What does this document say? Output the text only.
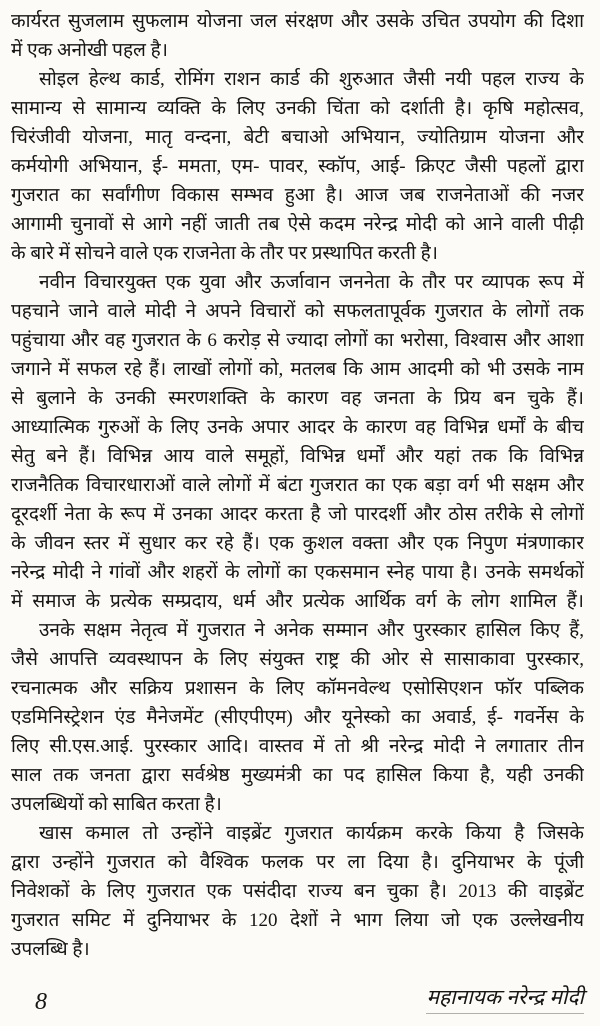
कार्यरत सुजलाम सुफलाम योजना जल संरक्षण और उसके उचित उपयोग की दिशा
में एक अनोखी पहल है।
सोइल हेल्थ कार्ड, रोमिंग राशन कार्ड की शुरुआत जैसी नयी पहल राज्य के
सामान्य से सामान्य व्यक्ति के लिए उनकी चिंता को दर्शाती है। कृषि महोत्सव,
चिरंजीवी योजना, मातृ वन्दना, बेटी बचाओ अभियान, ज्योतिग्राम योजना और
कर्मयोगी अभियान, ई- ममता, एम- पावर, स्कॉप, आई- क्रिएट जैसी पहलों द्वारा
गुजरात का सर्वांगीण विकास सम्भव हुआ है। आज जब राजनेताओं की नजर
आगामी चुनावों से आगे नहीं जाती तब ऐसे कदम नरेन्द्र मोदी को आने वाली पीढ़ी
के बारे में सोचने वाले एक राजनेता के तौर पर प्रस्थापित करती है।
नवीन विचारयुक्त एक युवा और ऊर्जावान जननेता के तौर पर व्यापक रूप में
पहचाने जाने वाले मोदी ने अपने विचारों को सफलतापूर्वक गुजरात के लोगों तक
पहुंचाया और वह गुजरात के 6 करोड़ से ज्यादा लोगों का भरोसा, विश्वास और आशा
जगाने में सफल रहे हैं। लाखों लोगों को, मतलब कि आम आदमी को भी उसके नाम
से बुलाने के उनकी स्मरणशक्ति के कारण वह जनता के प्रिय बन चुके हैं।
आध्यात्मिक गुरुओं के लिए उनके अपार आदर के कारण वह विभिन्न धर्मों के बीच
सेतु बने हैं। विभिन्न आय वाले समूहों, विभिन्न धर्मों और यहां तक कि विभिन्न
राजनैतिक विचारधाराओं वाले लोगों में बंटा गुजरात का एक बड़ा वर्ग भी सक्षम और
दूरदर्शी नेता के रूप में उनका आदर करता है जो पारदर्शी और ठोस तरीके से लोगों
के जीवन स्तर में सुधार कर रहे हैं। एक कुशल वक्ता और एक निपुण मंत्रणाकार
नरेन्द्र मोदी ने गांवों और शहरों के लोगों का एकसमान स्नेह पाया है। उनके समर्थकों
में समाज के प्रत्येक सम्प्रदाय, धर्म और प्रत्येक आर्थिक वर्ग के लोग शामिल हैं।
उनके सक्षम नेतृत्व में गुजरात ने अनेक सम्मान और पुरस्कार हासिल किए हैं,
जैसे आपत्ति व्यवस्थापन के लिए संयुक्त राष्ट्र की ओर से सासाकावा पुरस्कार,
रचनात्मक और सक्रिय प्रशासन के लिए कॉमनवेल्थ एसोसिएशन फॉर पब्लिक
एडमिनिस्ट्रेशन एंड मैनेजमेंट (सीएपीएम) और यूनेस्को का अवार्ड, ई- गवर्नेस के
लिए सी.एस.आई. पुरस्कार आदि। वास्तव में तो श्री नरेन्द्र मोदी ने लगातार तीन
साल तक जनता द्वारा सर्वश्रेष्ठ मुख्यमंत्री का पद हासिल किया है, यही उनकी
उपलब्धियों को साबित करता है।
खास कमाल तो उन्होंने वाइब्रेंट गुजरात कार्यक्रम करके किया है जिसके
द्वारा उन्होंने गुजरात को वैश्विक फलक पर ला दिया है। दुनियाभर के पूंजी
निवेशकों के लिए गुजरात एक पसंदीदा राज्य बन चुका है। 2013 की वाइब्रेंट
गुजरात समिट में दुनियाभर के 120 देशों ने भाग लिया जो एक उल्लेखनीय
उपलब्धि है।
8	महानायक नरेन्द्र मोदी
